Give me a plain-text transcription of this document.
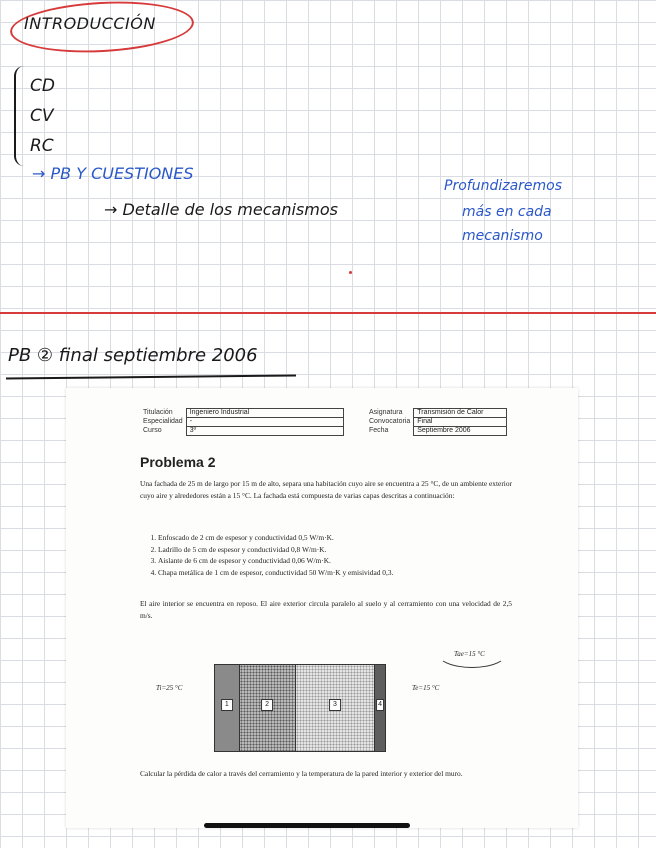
INTRODUCCIÓN
CD
CV
RC
→ PB Y CUESTIONES
→ Detalle de los mecanismos
Profundizaremos
más en cada
mecanismo
PB ② final septiembre 2006
Titulación	Ingeniero Industrial
Especialidad	-
Curso	3º
Asignatura	Transmisión de Calor
Convocatoria	Final
Fecha	Septiembre 2006
Problema 2

Una fachada de 25 m de largo por 15 m de alto, separa una habitación cuyo aire se encuentra a 25 °C, de un ambiente exterior cuyo aire y alrededores están a 15 °C. La fachada está compuesta de varias capas descritas a continuación:

1. Enfoscado de 2 cm de espesor y conductividad 0,5 W/m·K.
2. Ladrillo de 5 cm de espesor y conductividad 0,8 W/m·K.
3. Aislante de 6 cm de espesor y conductividad 0,06 W/m·K.
4. Chapa metálica de 1 cm de espesor, conductividad 50 W/m·K y emisividad 0,3.

El aire interior se encuentra en reposo. El aire exterior circula paralelo al suelo y al cerramiento con una velocidad de 2,5 m/s.

Tae=15 °C
Ti=25 °C	Te=15 °C
1	2	3	4

Calcular la pérdida de calor a través del cerramiento y la temperatura de la pared interior y exterior del muro.
